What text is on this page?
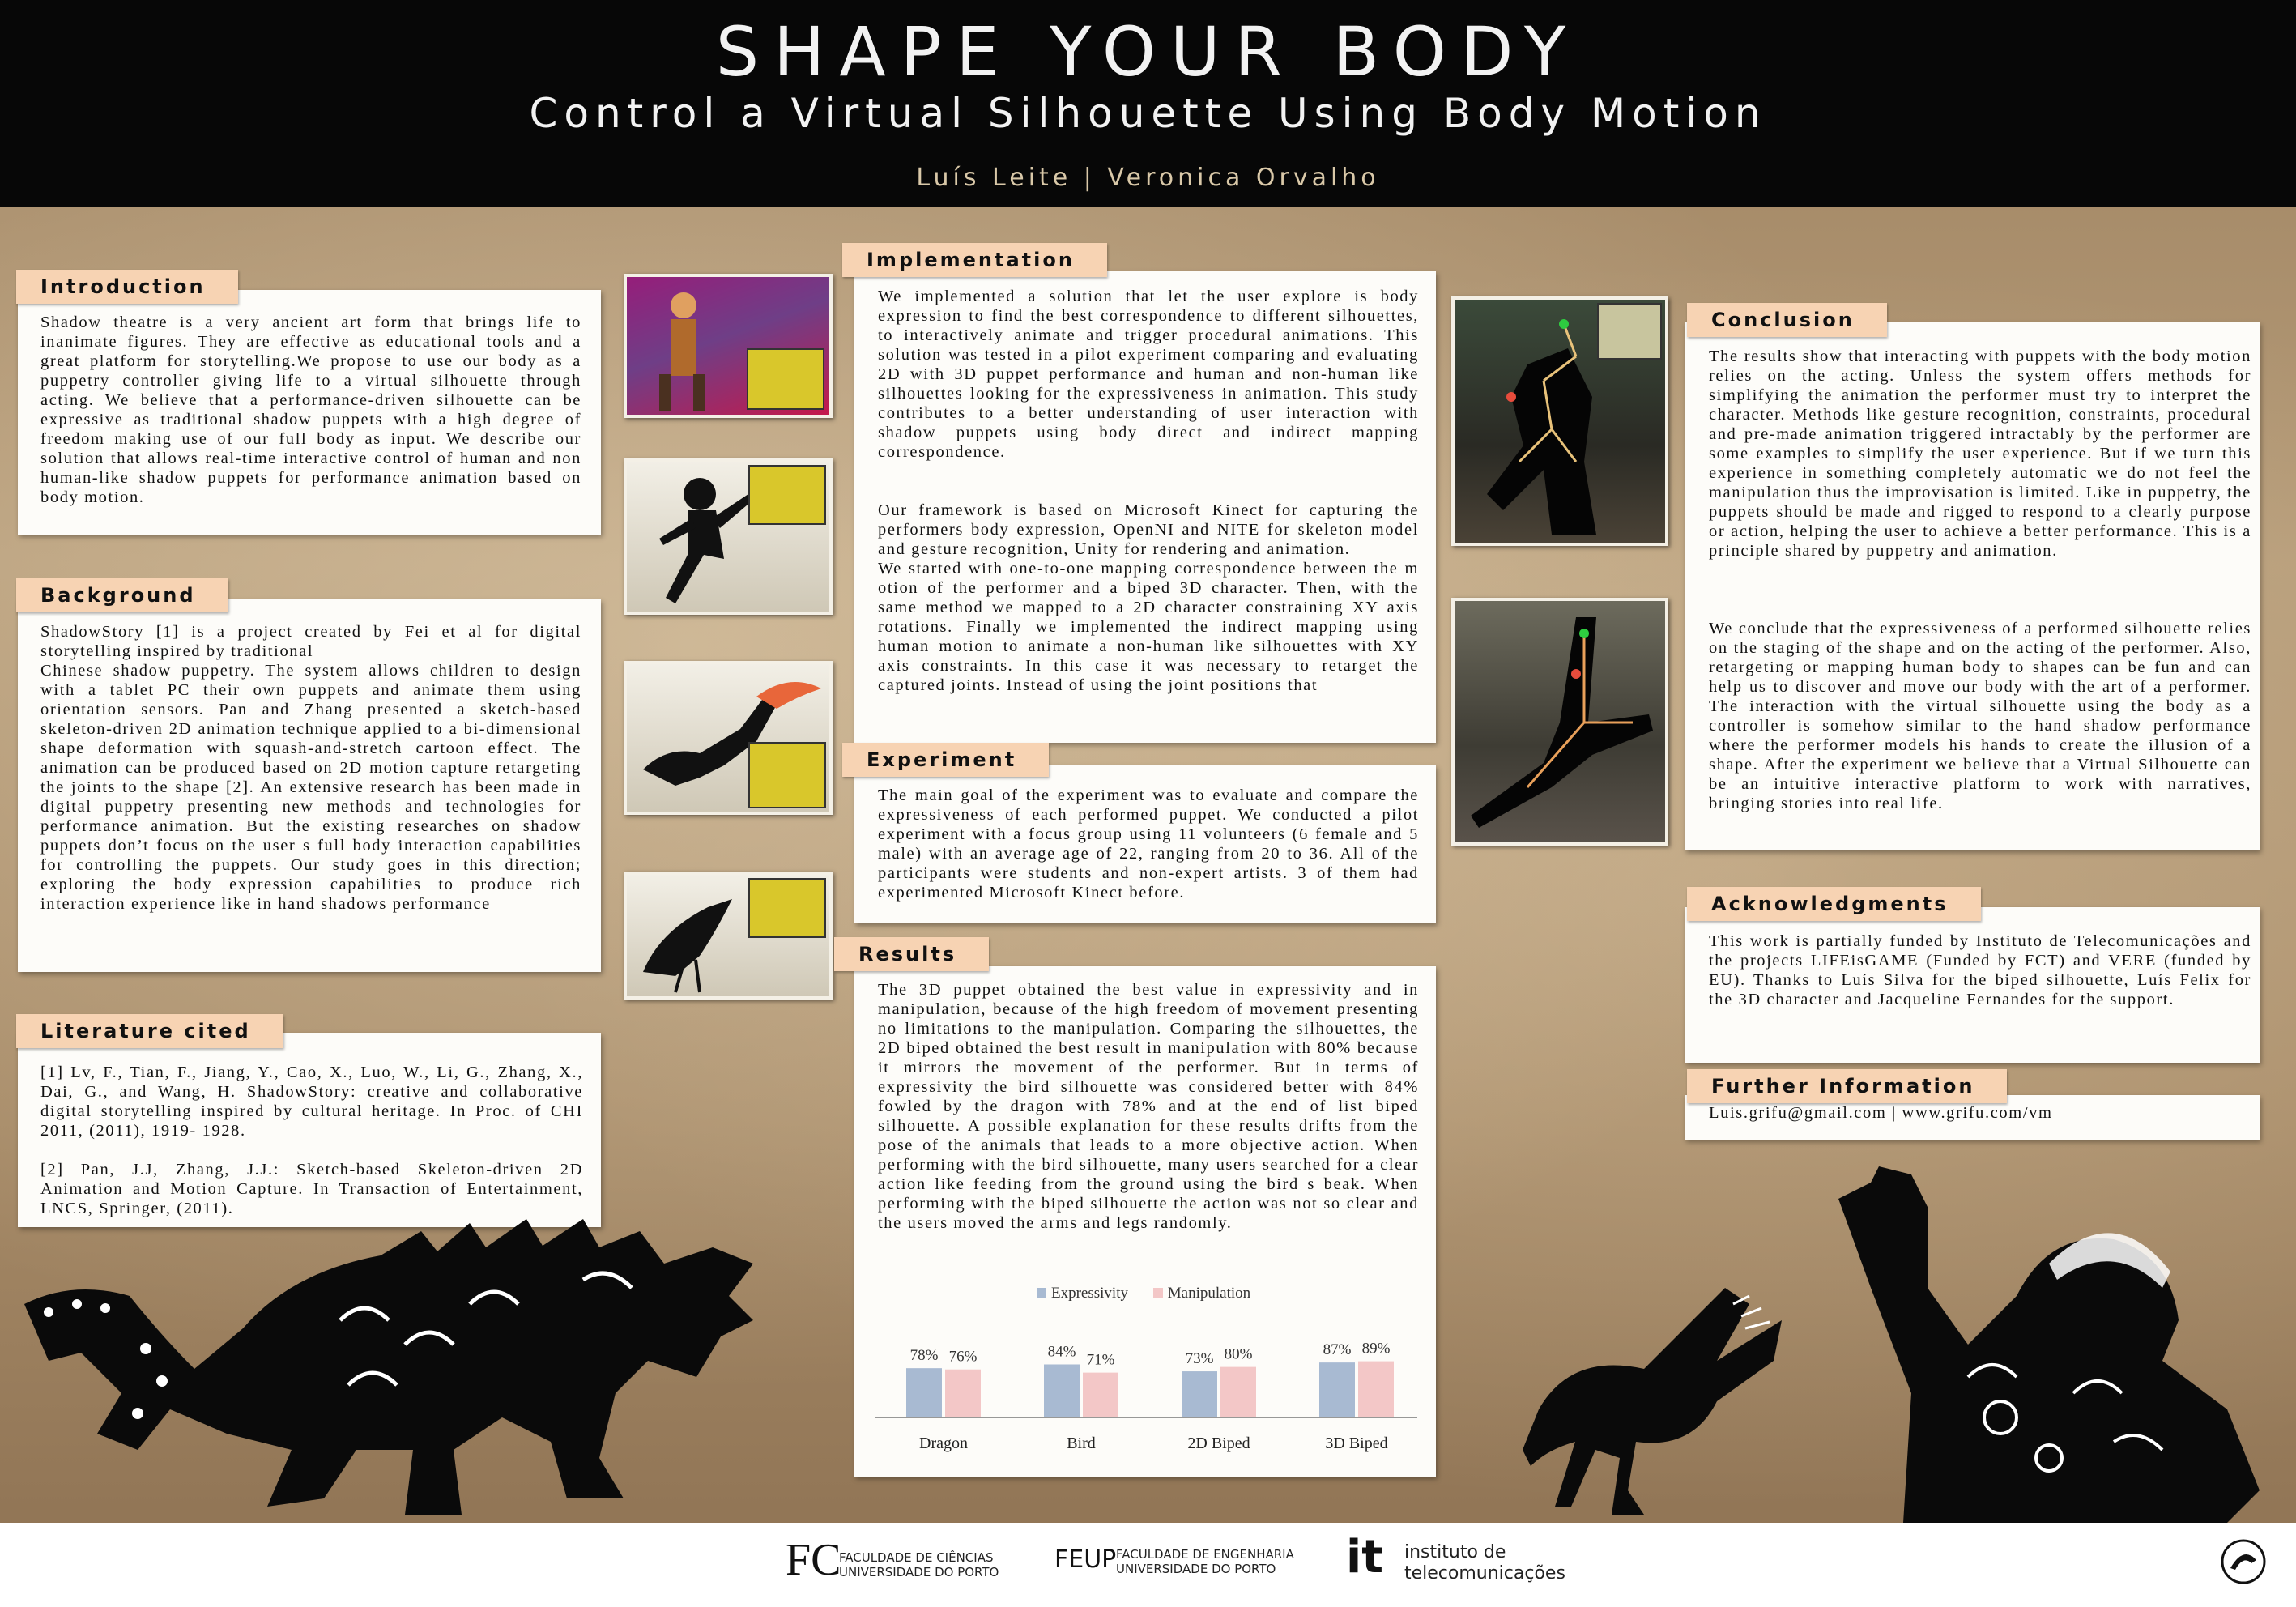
SHAPE YOUR BODY
Control a Virtual Silhouette Using Body Motion
Luís Leite | Veronica Orvalho
Introduction
Shadow theatre is a very ancient art form that brings life to inanimate figures. They are effective as educational tools and a great platform for storytelling.We propose to use our body as a puppetry controller giving life to a virtual silhouette through acting. We believe that a performance-driven silhouette can be expressive as traditional shadow puppets with a high degree of freedom making use of our full body as input. We describe our solution that allows real-time interactive control of human and non human-like shadow puppets for performance animation based on body motion.
Background
ShadowStory [1] is a project created by Fei et al for digital storytelling inspired by traditional
Chinese shadow puppetry. The system allows children to design with a tablet PC their own puppets and animate them using orientation sensors. Pan and Zhang presented a sketch-based skeleton-driven 2D animation technique applied to a bi-dimensional shape deformation with squash-and-stretch cartoon effect. The animation can be produced based on 2D motion capture retargeting the joints to the shape [2]. An extensive research has been made in digital puppetry presenting new methods and technologies for performance animation. But the existing researches on shadow puppets don’t focus on the user s full body interaction capabilities for controlling the puppets. Our study goes in this direction; exploring the body expression capabilities to produce rich interaction experience like in hand shadows performance
Literature cited
[1] Lv, F., Tian, F., Jiang, Y., Cao, X., Luo, W., Li, G., Zhang, X., Dai, G., and Wang, H. ShadowStory: creative and collaborative digital storytelling inspired by cultural heritage. In Proc. of CHI 2011, (2011), 1919- 1928.
[2] Pan, J.J, Zhang, J.J.: Sketch-based Skeleton-driven 2D Animation and Motion Capture. In Transaction of Entertainment, LNCS, Springer, (2011).
Implementation
We implemented a solution that let the user explore is body expression to find the best correspondence to different silhouettes, to interactively animate and trigger procedural animations. This solution was tested in a pilot experiment comparing and evaluating 2D with 3D puppet performance and human and non-human like silhouettes looking for the expressiveness in animation. This study contributes to a better understanding of user interaction with shadow puppets using body direct and indirect mapping correspondence.
Our framework is based on Microsoft Kinect for capturing the performers body expression, OpenNI and NITE for skeleton model and gesture recognition, Unity for rendering and animation.
We started with one-to-one mapping correspondence between the m otion of the performer and a biped 3D character. Then, with the same method we mapped to a 2D character constraining XY axis rotations. Finally we implemented the indirect mapping using human motion to animate a non-human like silhouettes with XY axis constraints. In this case it was necessary to retarget the captured joints. Instead of using the joint positions that
Experiment
The main goal of the experiment was to evaluate and compare the expressiveness of each performed puppet. We conducted a pilot experiment with a focus group using 11 volunteers (6 female and 5 male) with an average age of 22, ranging from 20 to 36. All of the participants were students and non-expert artists. 3 of them had experimented Microsoft Kinect before.
Results
The 3D puppet obtained the best value in expressivity and in manipulation, because of the high freedom of movement presenting no limitations to the manipulation. Comparing the silhouettes, the 2D biped obtained the best result in manipulation with 80% because it mirrors the movement of the performer. But in terms of expressivity the bird silhouette was considered better with 84% fowled by the dragon with 78% and at the end of list biped silhouette. A possible explanation for these results drifts from the pose of the animals that leads to a more objective action. When performing with the bird silhouette, many users searched for a clear action like feeding from the ground using the bird s beak. When performing with the biped silhouette the action was not so clear and the users moved the arms and legs randomly.
Expressivity	Manipulation
78% 76%
Dragon
84% 71%
Bird
73% 80%
2D Biped
87% 89%
3D Biped
Conclusion
The results show that interacting with puppets with the body motion relies on the acting. Unless the system offers methods for simplifying the animation the performer must try to interpret the character. Methods like gesture recognition, constraints, procedural and pre-made animation triggered intractably by the performer are some examples to simplify the user experience. But if we turn this experience in something completely automatic we do not feel the manipulation thus the improvisation is limited. Like in puppetry, the puppets should be made and rigged to respond to a clearly purpose or action, helping the user to achieve a better performance. This is a principle shared by puppetry and animation.
We conclude that the expressiveness of a performed silhouette relies on the staging of the shape and on the acting of the performer. Also, retargeting or mapping human body to shapes can be fun and can help us to discover and move our body with the art of a performer. The interaction with the virtual silhouette using the body as a controller is somehow similar to the hand shadow performance where the performer models his hands to create the illusion of a shape. After the experiment we believe that a Virtual Silhouette can be an intuitive interactive platform to work with narratives, bringing stories into real life.
Acknowledgments
This work is partially funded by Instituto de Telecomunicações and the projects LIFEisGAME (Funded by FCT) and VERE (funded by EU). Thanks to Luís Silva for the biped silhouette, Luís Felix for the 3D character and Jacqueline Fernandes for the support.
Further Information
Luis.grifu@gmail.com | www.grifu.com/vm
FC
FACULDADE DE CIÊNCIAS
UNIVERSIDADE DO PORTO FEUP FACULDADE DE ENGENHARIA
UNIVERSIDADE DO PORTO it instituto de
telecomunicações
